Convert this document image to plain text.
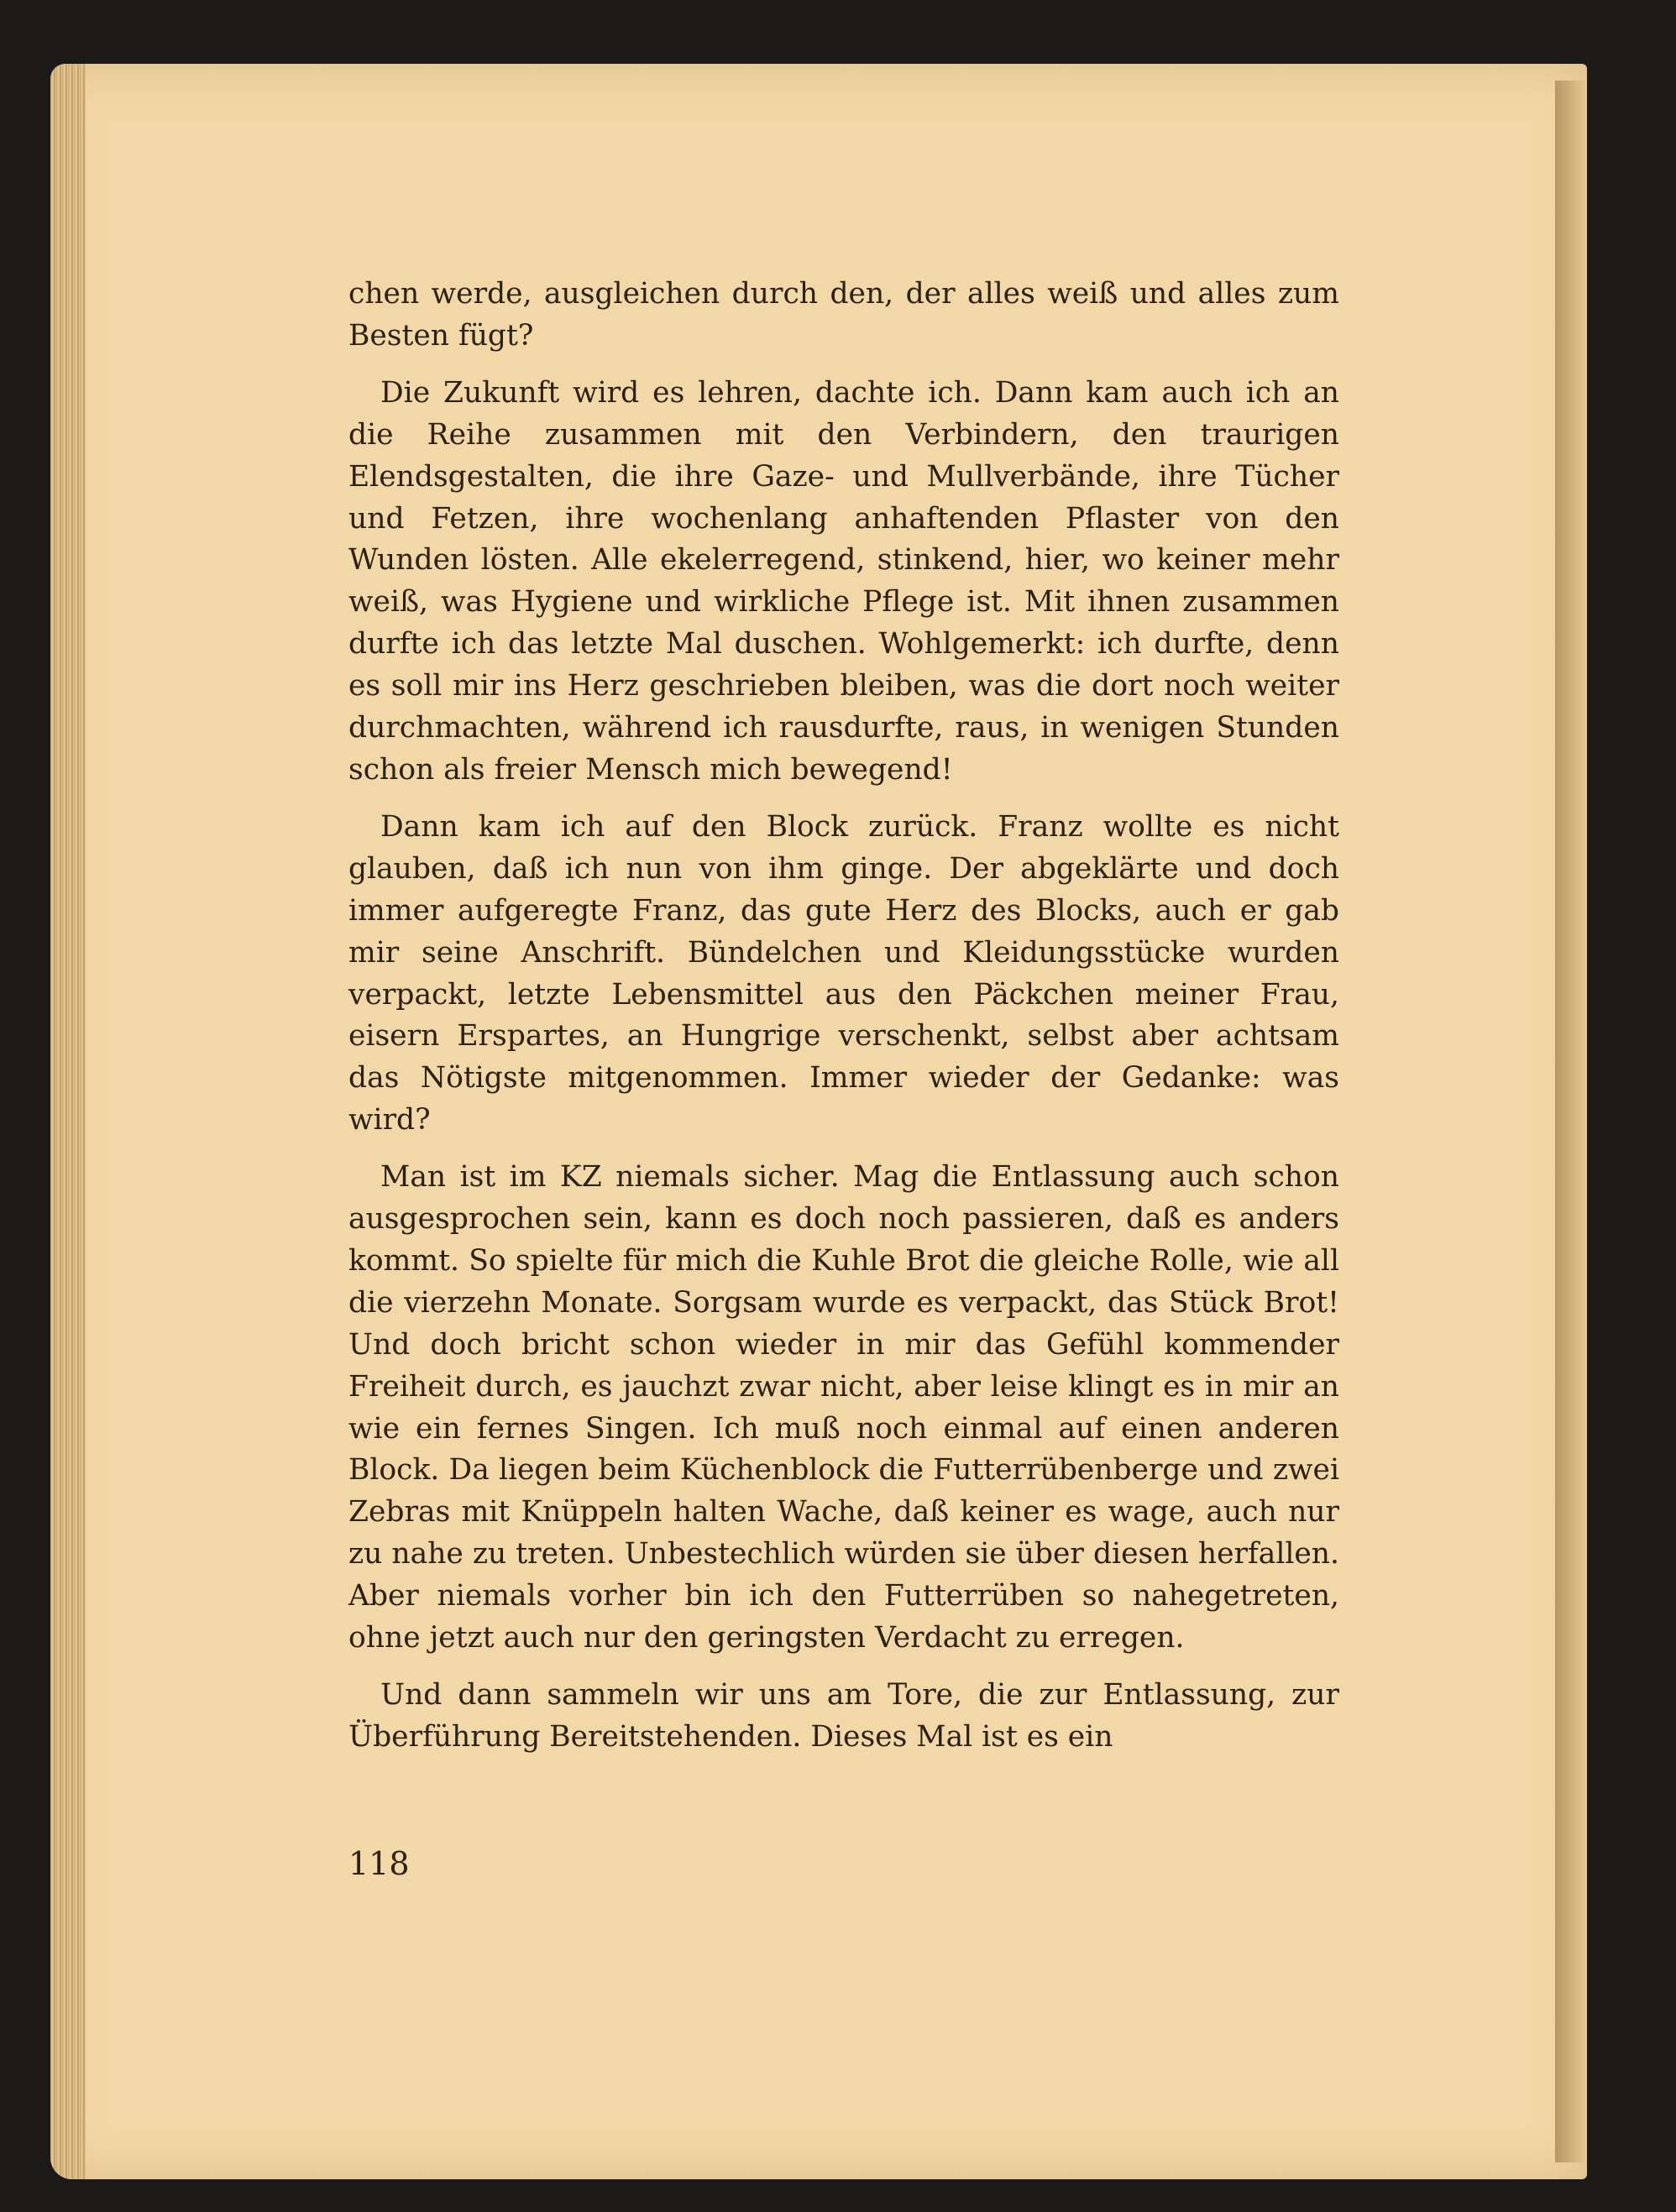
chen werde, ausgleichen durch den, der alles weiß und alles zum Besten fügt?

Die Zukunft wird es lehren, dachte ich. Dann kam auch ich an die Reihe zusammen mit den Verbindern, den traurigen Elendsgestalten, die ihre Gaze- und Mullverbände, ihre Tücher und Fetzen, ihre wochenlang anhaftenden Pflaster von den Wunden lösten. Alle ekelerregend, stinkend, hier, wo keiner mehr weiß, was Hygiene und wirkliche Pflege ist. Mit ihnen zusammen durfte ich das letzte Mal duschen. Wohlgemerkt: ich durfte, denn es soll mir ins Herz geschrieben bleiben, was die dort noch weiter durchmachten, während ich rausdurfte, raus, in wenigen Stunden schon als freier Mensch mich bewegend!

Dann kam ich auf den Block zurück. Franz wollte es nicht glauben, daß ich nun von ihm ginge. Der abgeklärte und doch immer aufgeregte Franz, das gute Herz des Blocks, auch er gab mir seine Anschrift. Bündelchen und Kleidungsstücke wurden verpackt, letzte Lebensmittel aus den Päckchen meiner Frau, eisern Erspartes, an Hungrige verschenkt, selbst aber achtsam das Nötigste mitgenommen. Immer wieder der Gedanke: was wird?

Man ist im KZ niemals sicher. Mag die Entlassung auch schon ausgesprochen sein, kann es doch noch passieren, daß es anders kommt. So spielte für mich die Kuhle Brot die gleiche Rolle, wie all die vierzehn Monate. Sorgsam wurde es verpackt, das Stück Brot! Und doch bricht schon wieder in mir das Gefühl kommender Freiheit durch, es jauchzt zwar nicht, aber leise klingt es in mir an wie ein fernes Singen. Ich muß noch einmal auf einen anderen Block. Da liegen beim Küchenblock die Futterrübenberge und zwei Zebras mit Knüppeln halten Wache, daß keiner es wage, auch nur zu nahe zu treten. Unbestechlich würden sie über diesen herfallen. Aber niemals vorher bin ich den Futterrüben so nahegetreten, ohne jetzt auch nur den geringsten Verdacht zu erregen.

Und dann sammeln wir uns am Tore, die zur Entlassung, zur Überführung Bereitstehenden. Dieses Mal ist es ein

118
